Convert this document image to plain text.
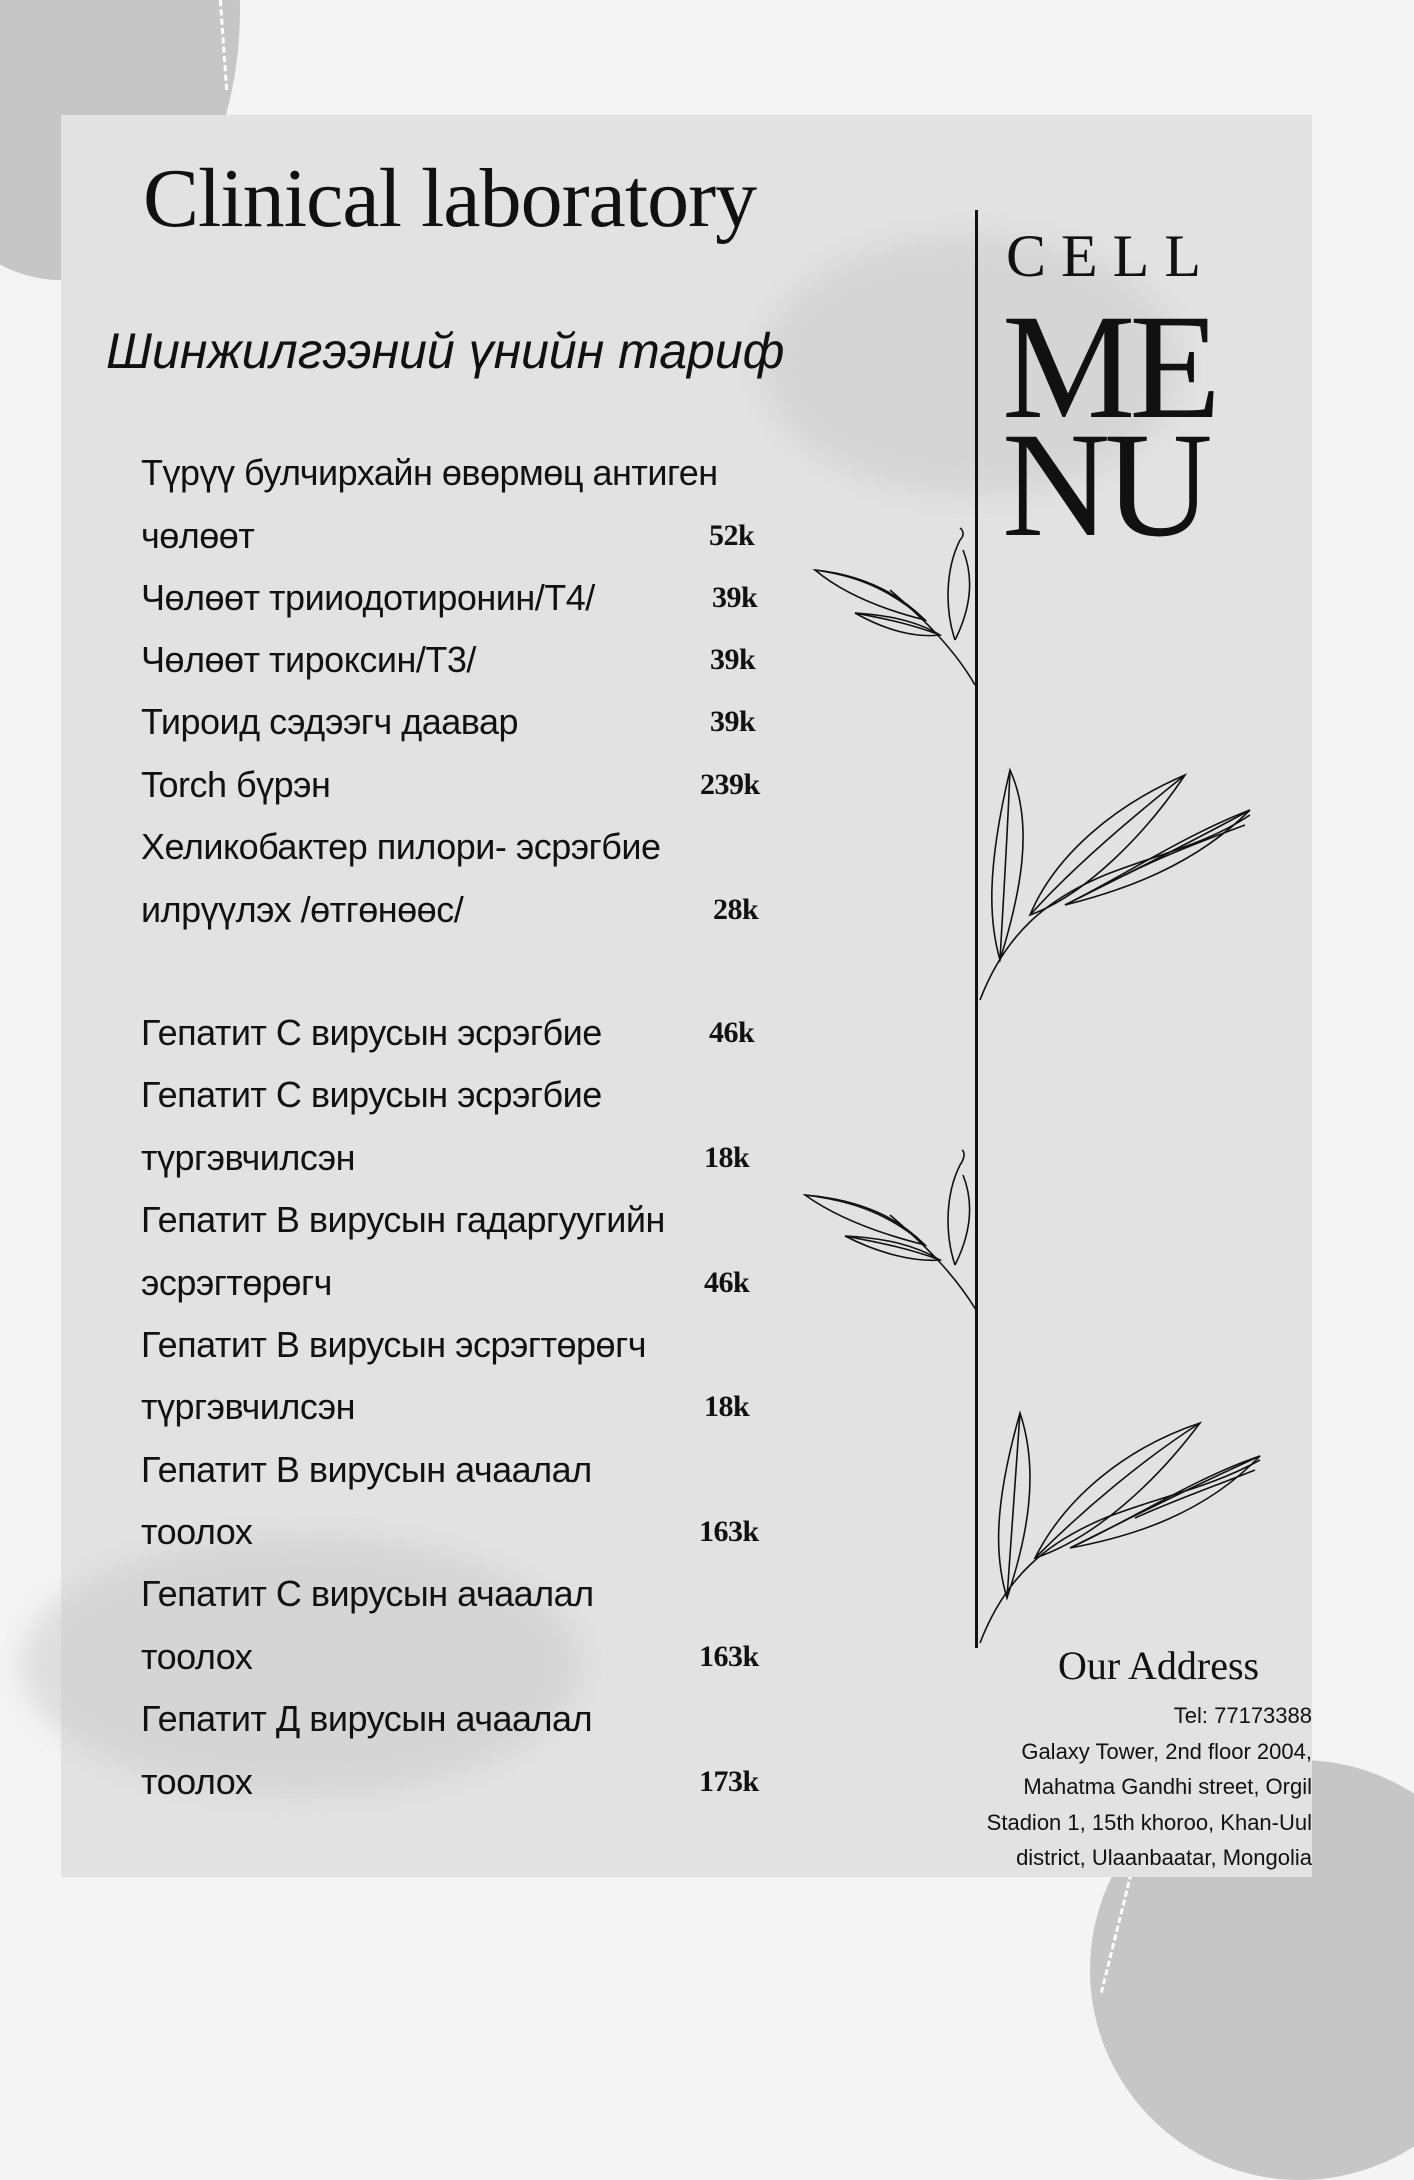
Clinical laboratory
Шинжилгээний үнийн тариф
Түрүү булчирхайн өвөрмөц антиген
чөлөөт	52k
Чөлөөт трииодотиронин/T4/	39k
Чөлөөт тироксин/T3/	39k
Тироид сэдээгч даавар	39k
Torch бүрэн	239k
Хеликобактер пилори- эсрэгбие
илрүүлэх /өтгөнөөс/	28k
Гепатит C вирусын эсрэгбие	46k
Гепатит C вирусын эсрэгбие
түргэвчилсэн	18k
Гепатит B вирусын гадаргуугийн
эсрэгтөрөгч	46k
Гепатит В вирусын эсрэгтөрөгч
түргэвчилсэн	18k
Гепатит В вирусын ачаалал
тоолох	163k
Гепатит С вирусын ачаалал
тоолох	163k
Гепатит Д вирусын ачаалал
тоолох	173k
CELL
ME
NU
Our Address
Tel: 77173388
Galaxy Tower, 2nd floor 2004,
Mahatma Gandhi street, Orgil
Stadion 1, 15th khoroo, Khan-Uul
district, Ulaanbaatar, Mongolia
